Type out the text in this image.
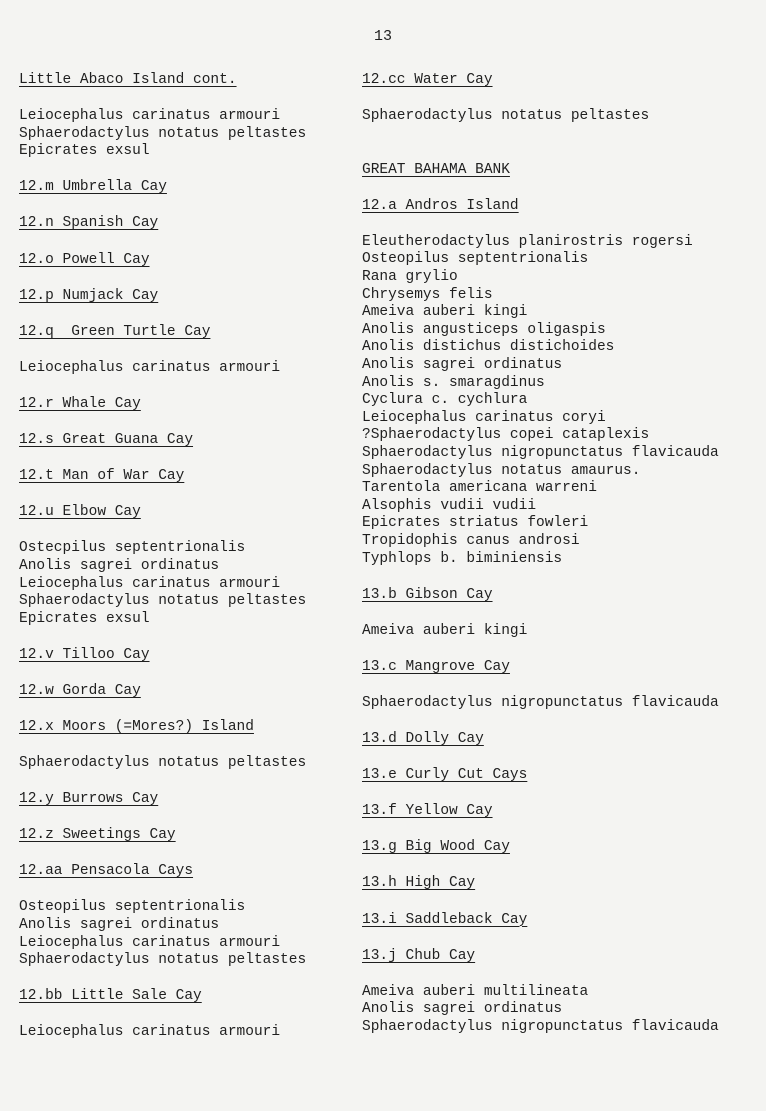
13
Little Abaco Island cont.
Leiocephalus carinatus armouri
Sphaerodactylus notatus peltastes
Epicrates exsul
12.m Umbrella Cay
12.n Spanish Cay
12.o Powell Cay
12.p Numjack Cay
12.q  Green Turtle Cay
Leiocephalus carinatus armouri
12.r Whale Cay
12.s Great Guana Cay
12.t Man of War Cay
12.u Elbow Cay
Ostecpilus septentrionalis
Anolis sagrei ordinatus
Leiocephalus carinatus armouri
Sphaerodactylus notatus peltastes
Epicrates exsul
12.v Tilloo Cay
12.w Gorda Cay
12.x Moors (=Mores?) Island
Sphaerodactylus notatus peltastes
12.y Burrows Cay
12.z Sweetings Cay
12.aa Pensacola Cays
Osteopilus septentrionalis
Anolis sagrei ordinatus
Leiocephalus carinatus armouri
Sphaerodactylus notatus peltastes
12.bb Little Sale Cay
Leiocephalus carinatus armouri
12.cc Water Cay
Sphaerodactylus notatus peltastes
GREAT BAHAMA BANK
12.a Andros Island
Eleutherodactylus planirostris rogersi
Osteopilus septentrionalis
Rana grylio
Chrysemys felis
Ameiva auberi kingi
Anolis angusticeps oligaspis
Anolis distichus distichoides
Anolis sagrei ordinatus
Anolis s. smaragdinus
Cyclura c. cychlura
Leiocephalus carinatus coryi
?Sphaerodactylus copei cataplexis
Sphaerodactylus nigropunctatus flavicauda
Sphaerodactylus notatus amaurus.
Tarentola americana warreni
Alsophis vudii vudii
Epicrates striatus fowleri
Tropidophis canus androsi
Typhlops b. biminiensis
13.b Gibson Cay
Ameiva auberi kingi
13.c Mangrove Cay
Sphaerodactylus nigropunctatus flavicauda
13.d Dolly Cay
13.e Curly Cut Cays
13.f Yellow Cay
13.g Big Wood Cay
13.h High Cay
13.i Saddleback Cay
13.j Chub Cay
Ameiva auberi multilineata
Anolis sagrei ordinatus
Sphaerodactylus nigropunctatus flavicauda
